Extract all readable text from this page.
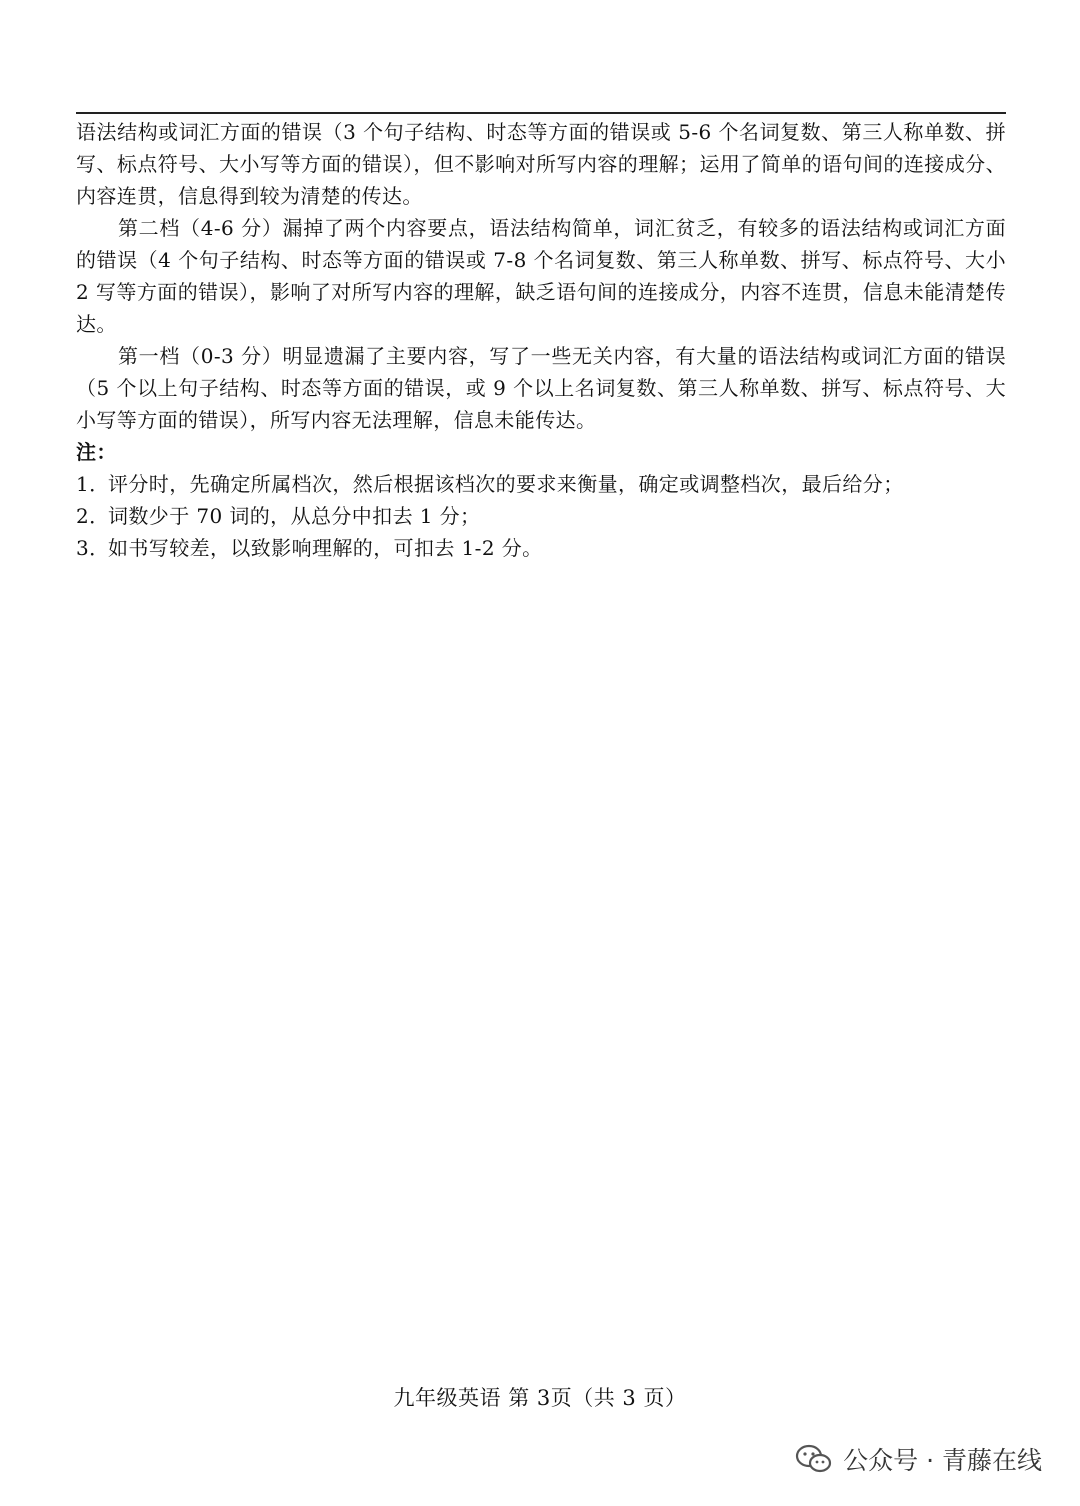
语法结构或词汇方面的错误（3 个句子结构、时态等方面的错误或 5-6 个名词复数、第三人称单数、拼写、标点符号、大小写等方面的错误），但不影响对所写内容的理解；运用了简单的语句间的连接成分、内容连贯，信息得到较为清楚的传达。

第二档（4-6 分）漏掉了两个内容要点，语法结构简单，词汇贫乏，有较多的语法结构或词汇方面的错误（4 个句子结构、时态等方面的错误或 7-8 个名词复数、第三人称单数、拼写、标点符号、大小 2 写等方面的错误），影响了对所写内容的理解，缺乏语句间的连接成分，内容不连贯，信息未能清楚传达。

第一档（0-3 分）明显遗漏了主要内容，写了一些无关内容，有大量的语法结构或词汇方面的错误（5 个以上句子结构、时态等方面的错误，或 9 个以上名词复数、第三人称单数、拼写、标点符号、大小写等方面的错误），所写内容无法理解，信息未能传达。

注：

1．评分时，先确定所属档次，然后根据该档次的要求来衡量，确定或调整档次，最后给分；

2．词数少于 70 词的，从总分中扣去 1 分；

3．如书写较差，以致影响理解的，可扣去 1-2 分。

九年级英语 第 3页（共 3 页）
公众号 · 青藤在线
